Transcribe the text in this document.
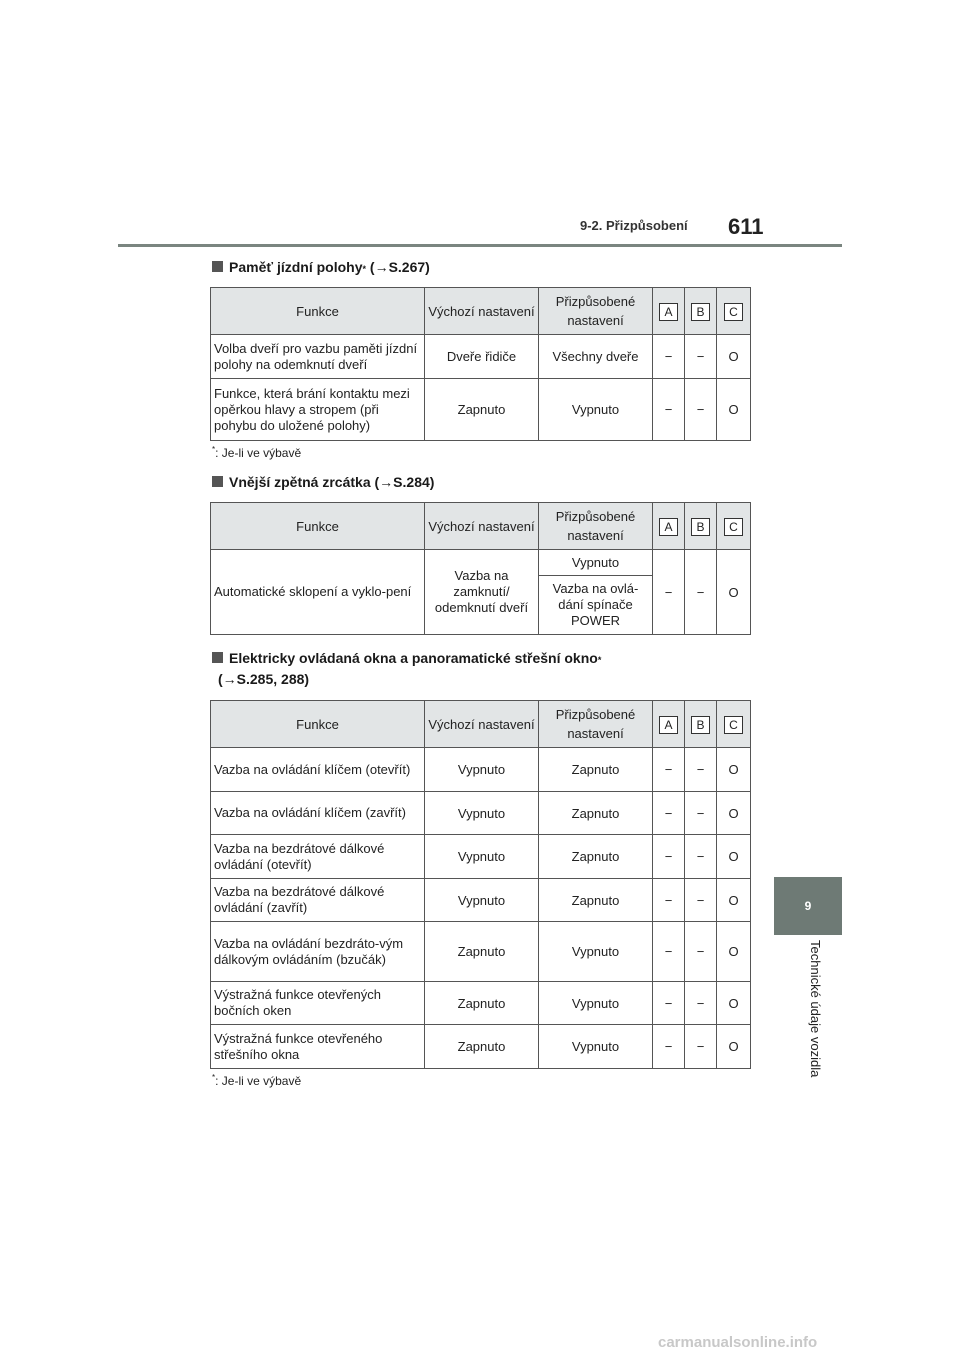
9-2. Přizpůsobení	611
9
Technické údaje vozidla
Paměť jízdní polohy *
(→S.267)
Funkce	Výchozí nastavení	Přizpůsobené nastavení	A	B	C
Volba dveří pro vazbu paměti jízdní polohy na odemknutí dveří	Dveře řidiče	Všechny dveře	−	−	O
Funkce, která brání kontaktu mezi opěrkou hlavy a stropem (při pohybu do uložené polohy)	Zapnuto	Vypnuto	−	−	O
*: Je-li ve výbavě
Vnější zpětná zrcátka
(→S.284)
Funkce	Výchozí nastavení	Přizpůsobené nastavení	A	B	C
Automatické sklopení a vyklo-pení	Vazba na zamknutí/ odemknutí dveří	Vypnuto	−	−	O
		Vazba na ovlá-dání spínače POWER			
Elektricky ovládaná okna a panoramatické střešní okno *
(→S.285, 288)
Funkce	Výchozí nastavení	Přizpůsobené nastavení	A	B	C
Vazba na ovládání klíčem (otevřít)	Vypnuto	Zapnuto	−	−	O
Vazba na ovládání klíčem (zavřít)	Vypnuto	Zapnuto	−	−	O
Vazba na bezdrátové dálkové ovládání (otevřít)	Vypnuto	Zapnuto	−	−	O
Vazba na bezdrátové dálkové ovládání (zavřít)	Vypnuto	Zapnuto	−	−	O
Vazba na ovládání bezdráto-vým dálkovým ovládáním (bzučák)	Zapnuto	Vypnuto	−	−	O
Výstražná funkce otevřených bočních oken	Zapnuto	Vypnuto	−	−	O
Výstražná funkce otevřeného střešního okna	Zapnuto	Vypnuto	−	−	O
*: Je-li ve výbavě
carmanualsonline.info
